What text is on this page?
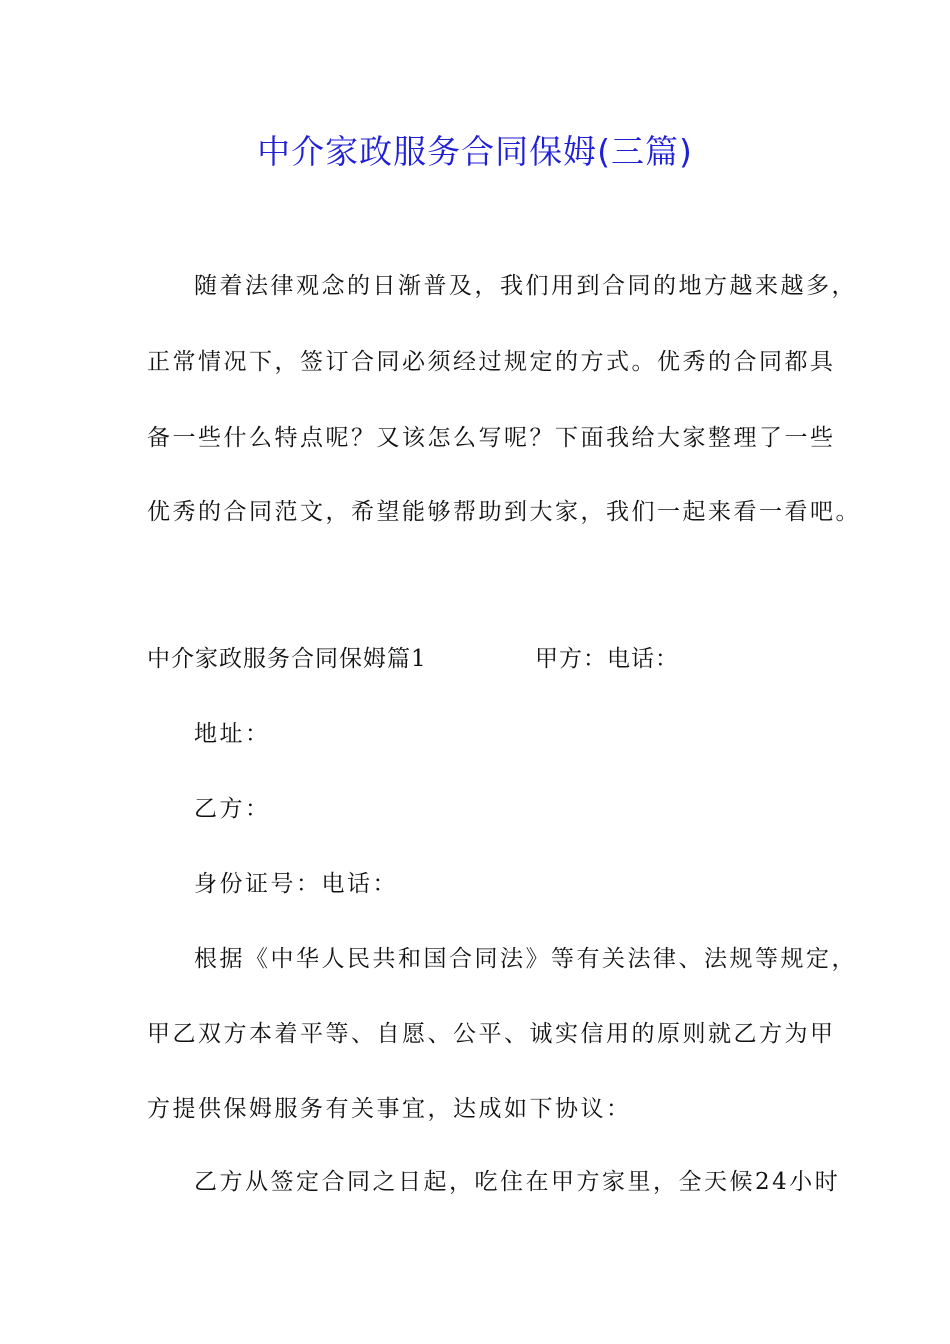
中介家政服务合同保姆(三篇)
随着法律观念的日渐普及，我们用到合同的地方越来越多，
正常情况下，签订合同必须经过规定的方式。优秀的合同都具
备一些什么特点呢？又该怎么写呢？下面我给大家整理了一些
优秀的合同范文，希望能够帮助到大家，我们一起来看一看吧。
中介家政服务合同保姆篇1	甲方：电话：
地址：
乙方：
身份证号：电话：
根据《中华人民共和国合同法》等有关法律、法规等规定，
甲乙双方本着平等、自愿、公平、诚实信用的原则就乙方为甲
方提供保姆服务有关事宜，达成如下协议：
乙方从签定合同之日起，吃住在甲方家里，全天候24小时
